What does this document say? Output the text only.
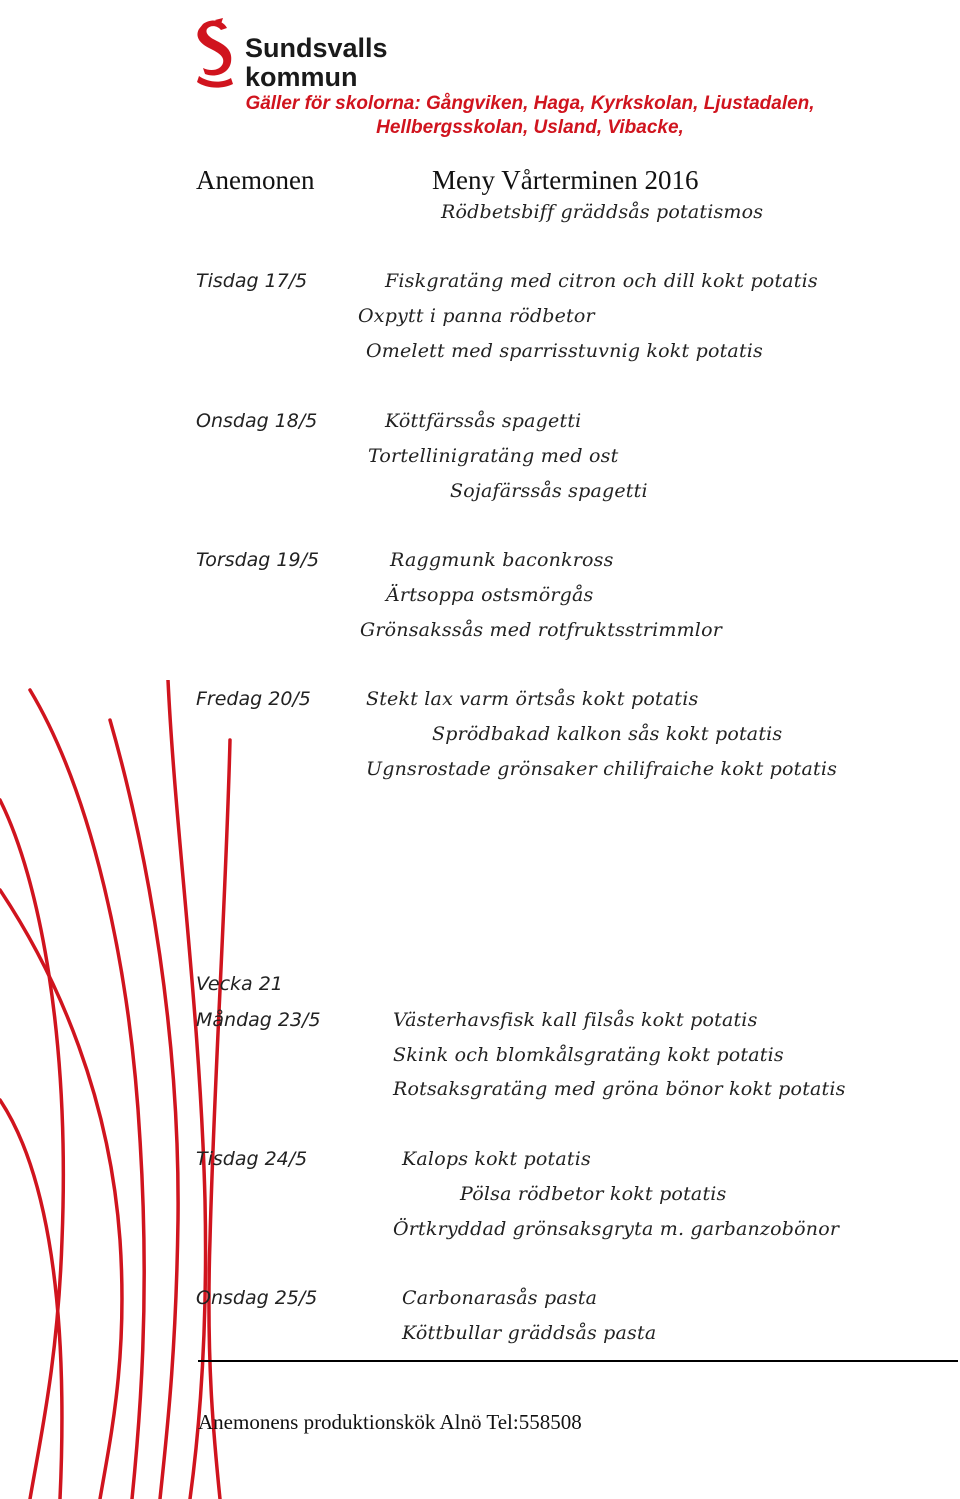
Sundsvalls
kommun
Gäller för skolorna: Gångviken, Haga, Kyrkskolan, Ljustadalen,
Hellbergsskolan, Usland, Vibacke,
Anemonen	Meny Vårterminen 2016
Rödbetsbiff gräddsås potatismos
Tisdag 17/5	Fiskgratäng med citron och dill kokt potatis
Oxpytt i panna rödbetor
Omelett med sparrisstuvnig kokt potatis
Onsdag 18/5	Köttfärssås spagetti
Tortellinigratäng med ost
Sojafärssås spagetti
Torsdag 19/5	Raggmunk baconkross
Ärtsoppa ostsmörgås
Grönsakssås med rotfruktsstrimmlor
Fredag 20/5	Stekt lax varm örtsås kokt potatis
Sprödbakad kalkon sås kokt potatis
Ugnsrostade grönsaker chilifraiche kokt potatis
Vecka 21
Måndag 23/5	Västerhavsfisk kall filsås kokt potatis
Skink och blomkålsgratäng kokt potatis
Rotsaksgratäng med gröna bönor kokt potatis
Tisdag 24/5	Kalops kokt potatis
Pölsa rödbetor kokt potatis
Örtkryddad grönsaksgryta m. garbanzobönor
Onsdag 25/5	Carbonarasås pasta
Köttbullar gräddsås pasta
Anemonens produktionskök Alnö Tel:558508
